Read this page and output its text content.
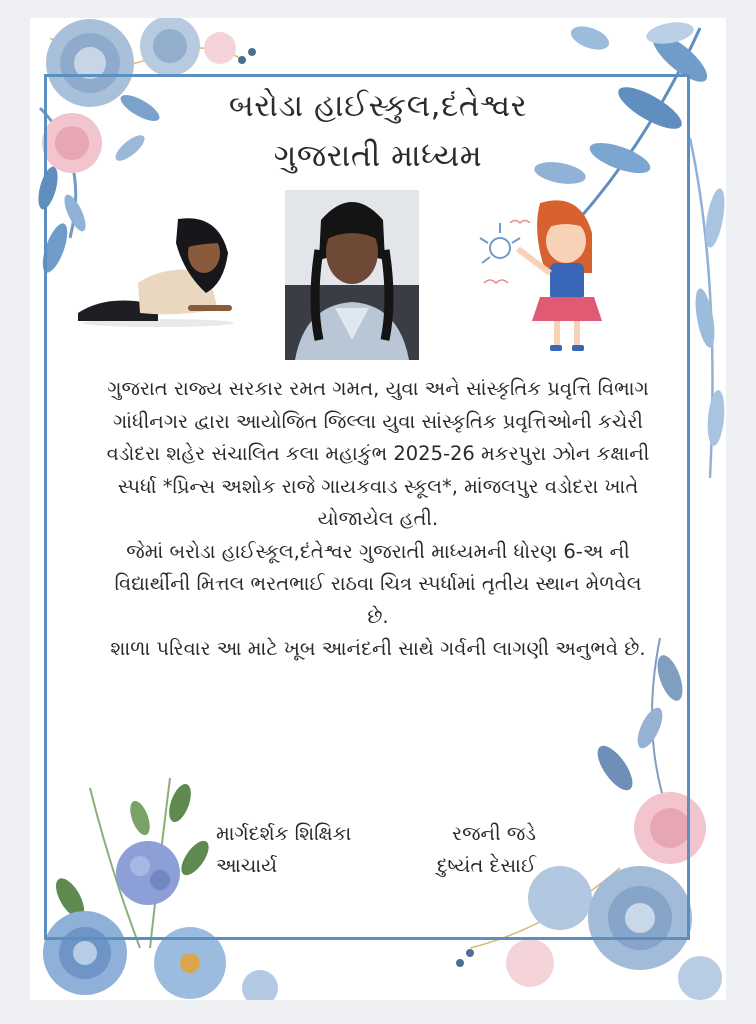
બરોડા હાઈસ્કુલ,દંતેશ્વર
ગુજરાતી માધ્યમ

ગુજરાત રાજ્ય સરકાર રમત ગમત, યુવા અને સાંસ્કૃતિક પ્રવૃત્તિ વિભાગ ગાંધીનગર દ્વારા આયોજિત જિલ્લા યુવા સાંસ્કૃતિક પ્રવૃત્તિઓની કચેરી વડોદરા શહેર સંચાલિત કલા મહાકુંભ 2025-26 મકરપુરા ઝોન કક્ષાની સ્પર્ધા *પ્રિન્સ અશોક રાજે ગાયકવાડ સ્કૂલ*, માંજલપુર વડોદરા ખાતે યોજાયેલ હતી.

જેમાં બરોડા હાઈસ્કૂલ,દંતેશ્વર ગુજરાતી માધ્યમની ધોરણ 6-અ ની વિદ્યાર્થીની મિત્તલ ભરતભાઈ રાઠવા ચિત્ર સ્પર્ધામાં તૃતીય સ્થાન મેળવેલ છે.

શાળા પરિવાર આ માટે ખૂબ આનંદની સાથે ગર્વની લાગણી અનુભવે છે.

માર્ગદર્શક શિક્ષિકા	રજની જડે
આચાર્ય	દુષ્યંત દેસાઈ
